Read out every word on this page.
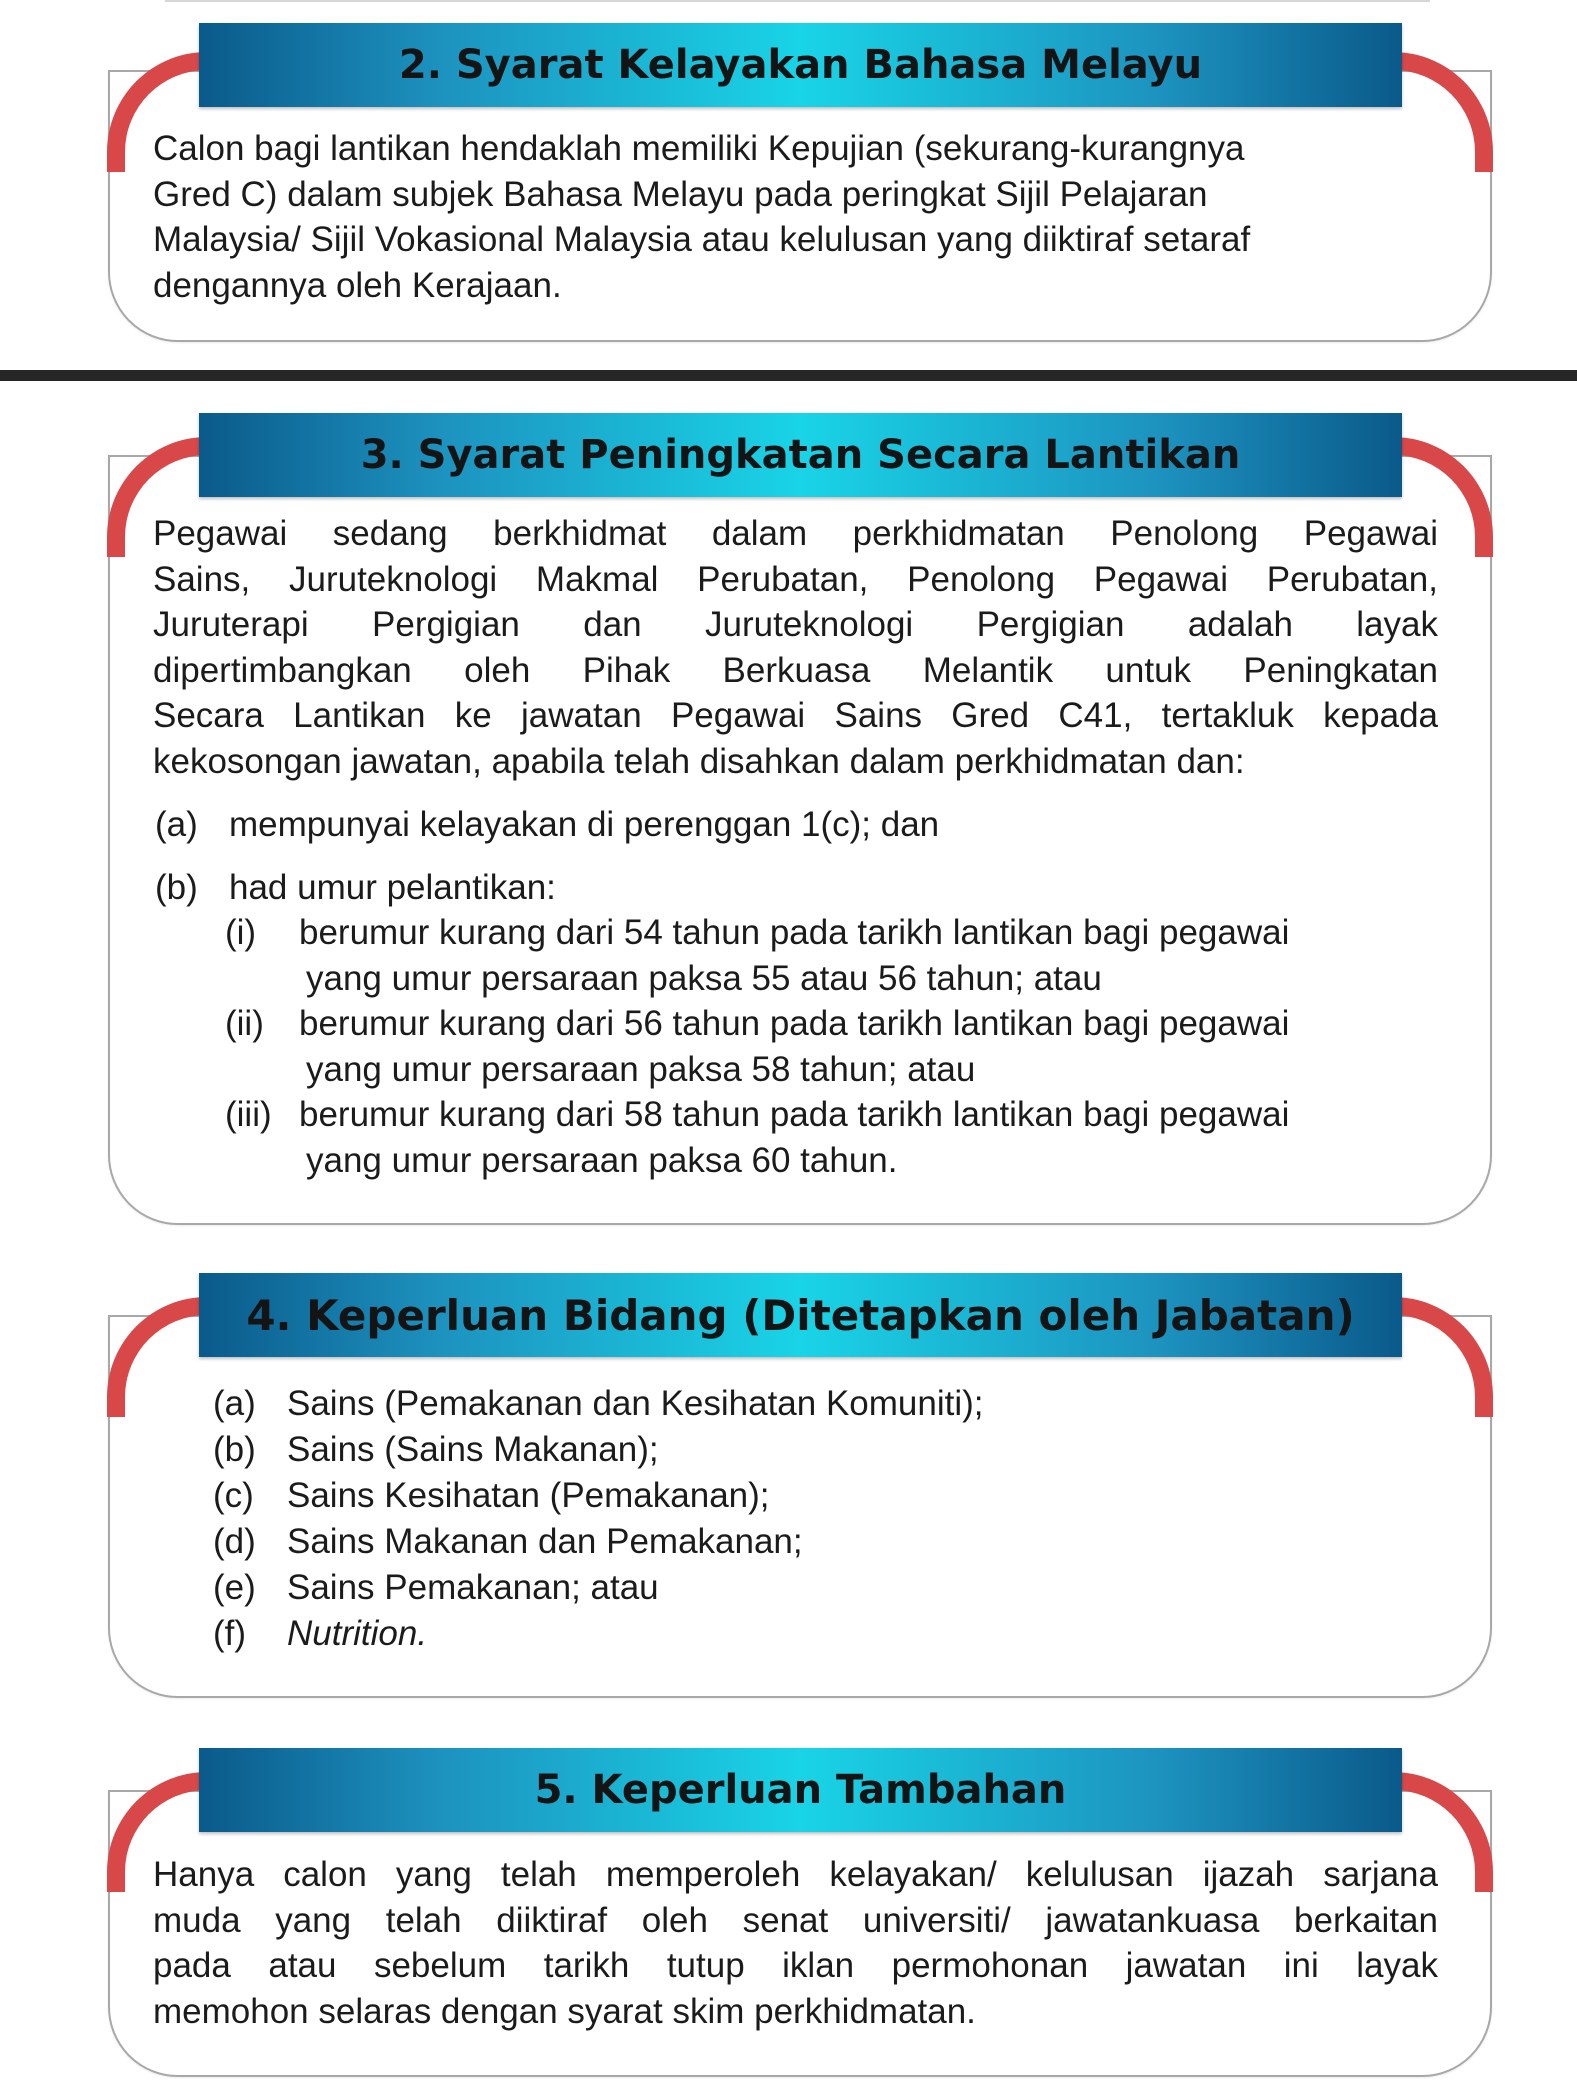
2. Syarat Kelayakan Bahasa Melayu
Calon bagi lantikan hendaklah memiliki Kepujian (sekurang-kurangnya
Gred C) dalam subjek Bahasa Melayu pada peringkat Sijil Pelajaran
Malaysia/ Sijil Vokasional Malaysia atau kelulusan yang diiktiraf setaraf
dengannya oleh Kerajaan.
3. Syarat Peningkatan Secara Lantikan
Pegawai sedang berkhidmat dalam perkhidmatan Penolong Pegawai
Sains, Juruteknologi Makmal Perubatan, Penolong Pegawai Perubatan,
Juruterapi Pergigian dan Juruteknologi Pergigian adalah layak
dipertimbangkan oleh Pihak Berkuasa Melantik untuk Peningkatan
Secara Lantikan ke jawatan Pegawai Sains Gred C41, tertakluk kepada
kekosongan jawatan, apabila telah disahkan dalam perkhidmatan dan:
(a) mempunyai kelayakan di perenggan 1(c); dan
(b) had umur pelantikan:
(i) berumur kurang dari 54 tahun pada tarikh lantikan bagi pegawai
yang umur persaraan paksa 55 atau 56 tahun; atau
(ii) berumur kurang dari 56 tahun pada tarikh lantikan bagi pegawai
yang umur persaraan paksa 58 tahun; atau
(iii) berumur kurang dari 58 tahun pada tarikh lantikan bagi pegawai
yang umur persaraan paksa 60 tahun.
4. Keperluan Bidang (Ditetapkan oleh Jabatan)
(a) Sains (Pemakanan dan Kesihatan Komuniti);
(b) Sains (Sains Makanan);
(c) Sains Kesihatan (Pemakanan);
(d) Sains Makanan dan Pemakanan;
(e) Sains Pemakanan; atau
(f) Nutrition.
5. Keperluan Tambahan
Hanya calon yang telah memperoleh kelayakan/ kelulusan ijazah sarjana
muda yang telah diiktiraf oleh senat universiti/ jawatankuasa berkaitan
pada atau sebelum tarikh tutup iklan permohonan jawatan ini layak
memohon selaras dengan syarat skim perkhidmatan.
